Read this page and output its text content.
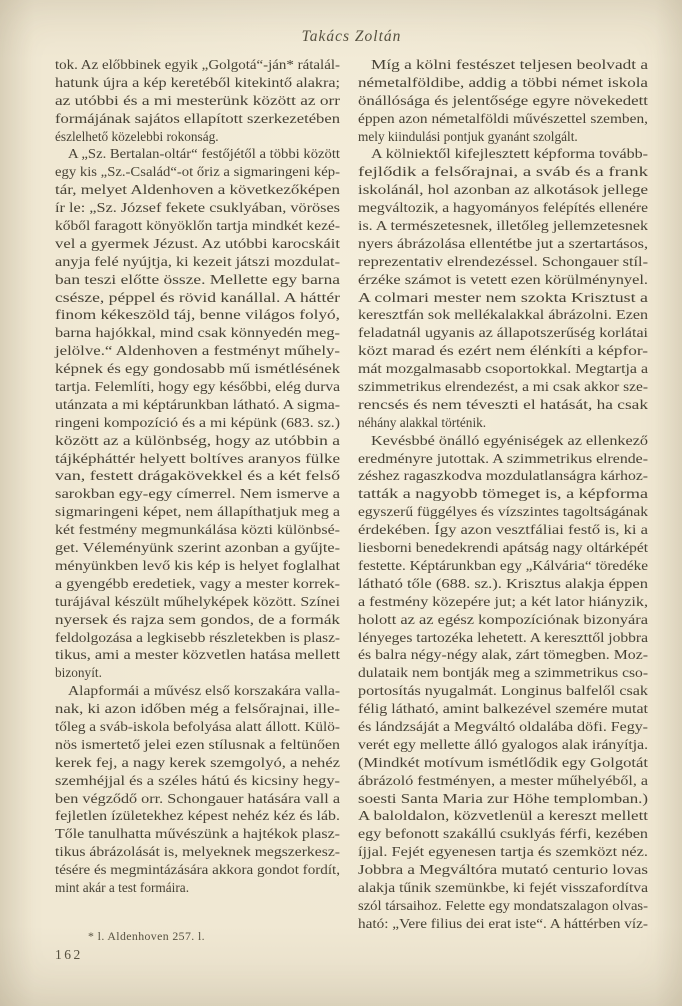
Takács Zoltán
tok. Az előbbinek egyik „Golgotá“-ján* rátalál-
hatunk újra a kép keretéből kitekintő alakra;
az utóbbi és a mi mesterünk között az orr
formájának sajátos ellapított szerkezetében
észlelhető közelebbi rokonság.
A „Sz. Bertalan-oltár“ festőjétől a többi között
egy kis „Sz.-Család“-ot őriz a sigmaringeni kép-
tár, melyet Aldenhoven a következőképen
ír le: „Sz. József fekete csuklyában, vöröses
kőből faragott könyöklőn tartja mindkét kezé-
vel a gyermek Jézust. Az utóbbi karocskáit
anyja felé nyújtja, ki kezeit játszi mozdulat-
ban teszi előtte össze. Mellette egy barna
csésze, péppel és rövid kanállal. A háttér
finom kékeszöld táj, benne világos folyó,
barna hajókkal, mind csak könnyedén meg-
jelölve.“ Aldenhoven a festményt műhely-
képnek és egy gondosabb mű ismétlésének
tartja. Felemlíti, hogy egy későbbi, elég durva
utánzata a mi képtárunkban látható. A sigma-
ringeni kompozíció és a mi képünk (683. sz.)
között az a különbség, hogy az utóbbin a
tájképháttér helyett boltíves aranyos fülke
van, festett drágakövekkel és a két felső
sarokban egy-egy címerrel. Nem ismerve a
sigmaringeni képet, nem állapíthatjuk meg a
két festmény megmunkálása közti különbsé-
get. Véleményünk szerint azonban a gyűjte-
ményünkben levő kis kép is helyet foglalhat
a gyengébb eredetiek, vagy a mester korrek-
turájával készült műhelyképek között. Színei
nyersek és rajza sem gondos, de a formák
feldolgozása a legkisebb részletekben is plasz-
tikus, ami a mester közvetlen hatása mellett
bizonyít.
Alapformái a művész első korszakára valla-
nak, ki azon időben még a felsőrajnai, ille-
tőleg a sváb-iskola befolyása alatt állott. Külö-
nös ismertető jelei ezen stílusnak a feltünően
kerek fej, a nagy kerek szemgolyó, a nehéz
szemhéjjal és a széles hátú és kicsiny hegy-
ben végződő orr. Schongauer hatására vall a
fejletlen ízületekhez képest nehéz kéz és láb.
Tőle tanulhatta művészünk a hajtékok plasz-
tikus ábrázolását is, melyeknek megszerkesz-
tésére és megmintázására akkora gondot fordít,
mint akár a test formáira.
Míg a kölni festészet teljesen beolvadt a
németalföldibe, addig a többi német iskola
önállósága és jelentősége egyre növekedett
éppen azon németalföldi művészettel szemben,
mely kiindulási pontjuk gyanánt szolgált.
A kölniektől kifejlesztett képforma tovább-
fejlődik a felsőrajnai, a sváb és a frank
iskolánál, hol azonban az alkotások jellege
megváltozik, a hagyományos felépítés ellenére
is. A természetesnek, illetőleg jellemzetesnek
nyers ábrázolása ellentétbe jut a szertartásos,
reprezentativ elrendezéssel. Schongauer stíl-
érzéke számot is vetett ezen körülménynyel.
A colmari mester nem szokta Krisztust a
keresztfán sok mellékalakkal ábrázolni. Ezen
feladatnál ugyanis az állapotszerűség korlátai
közt marad és ezért nem élénkíti a képfor-
mát mozgalmasabb csoportokkal. Megtartja a
szimmetrikus elrendezést, a mi csak akkor sze-
rencsés és nem téveszti el hatását, ha csak
néhány alakkal történik.
Kevésbbé önálló egyéniségek az ellenkező
eredményre jutottak. A szimmetrikus elrende-
zéshez ragaszkodva mozdulatlanságra kárhoz-
tatták a nagyobb tömeget is, a képforma
egyszerű függélyes és vízszintes tagoltságának
érdekében. Így azon vesztfáliai festő is, ki a
liesborni benedekrendi apátság nagy oltárképét
festette. Képtárunkban egy „Kálvária“ töredéke
látható tőle (688. sz.). Krisztus alakja éppen
a festmény közepére jut; a két lator hiányzik,
holott az az egész kompozíciónak bizonyára
lényeges tartozéka lehetett. A kereszttől jobbra
és balra négy-négy alak, zárt tömegben. Moz-
dulataik nem bontják meg a szimmetrikus cso-
portosítás nyugalmát. Longinus balfelől csak
félig látható, amint balkezével szemére mutat
és lándzsáját a Megváltó oldalába döfi. Fegy-
verét egy mellette álló gyalogos alak irányítja.
(Mindkét motívum ismétlődik egy Golgotát
ábrázoló festményen, a mester műhelyéből, a
soesti Santa Maria zur Höhe templomban.)
A baloldalon, közvetlenül a kereszt mellett
egy befonott szakállú csuklyás férfi, kezében
íjjal. Fejét egyenesen tartja és szemközt néz.
Jobbra a Megváltóra mutató centurio lovas
alakja tűnik szemünkbe, ki fejét visszafordítva
szól társaihoz. Felette egy mondatszalagon olvas-
ható: „Vere filius dei erat iste“. A háttérben víz-
* l. Aldenhoven 257. l.
162
